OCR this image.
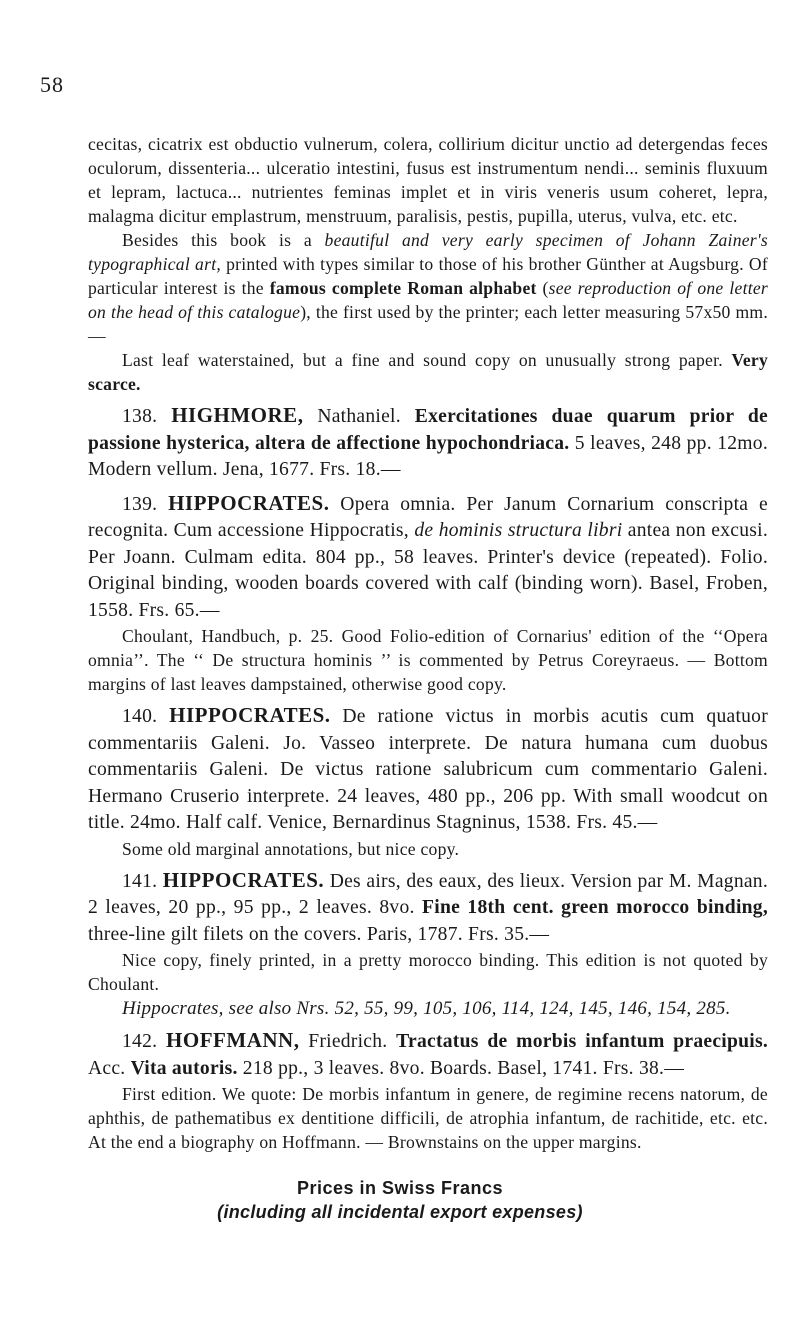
58

cecitas, cicatrix est obductio vulnerum, colera, collirium dicitur unctio ad detergendas feces oculorum, dissenteria... ulceratio intestini, fusus est instrumentum nendi... seminis fluxuum et lepram, lactuca... nutrientes feminas implet et in viris veneris usum coheret, lepra, malagma dicitur emplastrum, menstruum, paralisis, pestis, pupilla, uterus, vulva, etc. etc.

Besides this book is a beautiful and very early specimen of Johann Zainer's typographical art, printed with types similar to those of his brother Günther at Augsburg. Of particular interest is the famous complete Roman alphabet (see reproduction of one letter on the head of this catalogue), the first used by the printer; each letter measuring 57x50 mm. —

Last leaf waterstained, but a fine and sound copy on unusually strong paper. Very scarce.

138. HIGHMORE, Nathaniel. Exercitationes duae quarum prior de passione hysterica, altera de affectione hypochondriaca. 5 leaves, 248 pp. 12mo. Modern vellum. Jena, 1677. Frs. 18.—

139. HIPPOCRATES. Opera omnia. Per Janum Cornarium conscripta e recognita. Cum accessione Hippocratis, de hominis structura libri antea non excusi. Per Joann. Culmam edita. 804 pp., 58 leaves. Printer's device (repeated). Folio. Original binding, wooden boards covered with calf (binding worn). Basel, Froben, 1558. Frs. 65.—

Choulant, Handbuch, p. 25. Good Folio-edition of Cornarius' edition of the ‘‘Opera omnia’’. The ‘‘ De structura hominis ’’ is commented by Petrus Coreyraeus. — Bottom margins of last leaves dampstained, otherwise good copy.

140. HIPPOCRATES. De ratione victus in morbis acutis cum quatuor commentariis Galeni. Jo. Vasseo interprete. De natura humana cum duobus commentariis Galeni. De victus ratione salubricum cum commentario Galeni. Hermano Cruserio interprete. 24 leaves, 480 pp., 206 pp. With small woodcut on title. 24mo. Half calf. Venice, Bernardinus Stagninus, 1538. Frs. 45.—

Some old marginal annotations, but nice copy.

141. HIPPOCRATES. Des airs, des eaux, des lieux. Version par M. Magnan. 2 leaves, 20 pp., 95 pp., 2 leaves. 8vo. Fine 18th cent. green morocco binding, three-line gilt filets on the covers. Paris, 1787. Frs. 35.—

Nice copy, finely printed, in a pretty morocco binding. This edition is not quoted by Choulant.

Hippocrates, see also Nrs. 52, 55, 99, 105, 106, 114, 124, 145, 146, 154, 285.

142. HOFFMANN, Friedrich. Tractatus de morbis infantum praecipuis. Acc. Vita autoris. 218 pp., 3 leaves. 8vo. Boards. Basel, 1741. Frs. 38.—

First edition. We quote: De morbis infantum in genere, de regimine recens natorum, de aphthis, de pathematibus ex dentitione difficili, de atrophia infantum, de rachitide, etc. etc. At the end a biography on Hoffmann. — Brownstains on the upper margins.

Prices in Swiss Francs
(including all incidental export expenses)
